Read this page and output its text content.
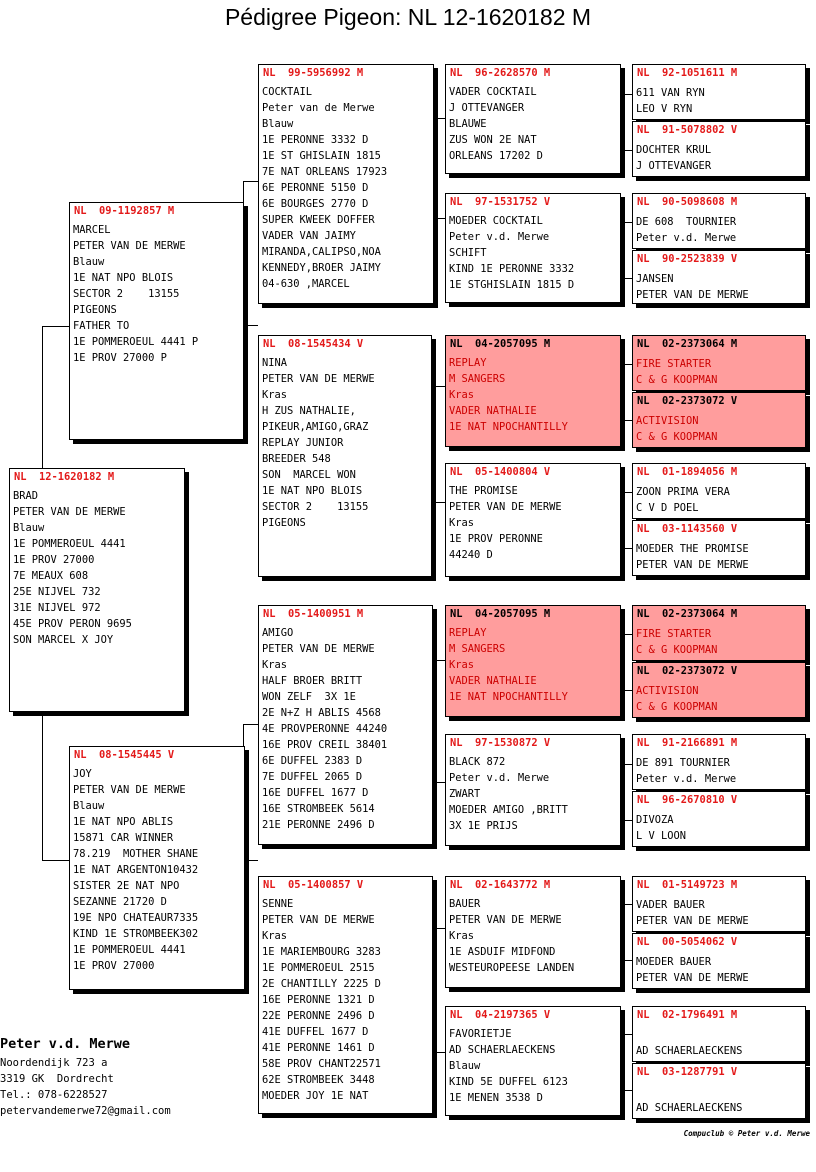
Pédigree Pigeon: NL 12-1620182 M
NL  12-1620182 M
BRAD
PETER VAN DE MERWE
Blauw
1E POMMEROEUL 4441
1E PROV 27000
7E MEAUX 608
25E NIJVEL 732
31E NIJVEL 972
45E PROV PERON 9695
SON MARCEL X JOY
NL  09-1192857 M
MARCEL
PETER VAN DE MERWE
Blauw
1E NAT NPO BLOIS
SECTOR 2    13155
PIGEONS
FATHER TO
1E POMMEROEUL 4441 P
1E PROV 27000 P
NL  08-1545445 V
JOY
PETER VAN DE MERWE
Blauw
1E NAT NPO ABLIS
15871 CAR WINNER
78.219  MOTHER SHANE
1E NAT ARGENTON10432
SISTER 2E NAT NPO
SEZANNE 21720 D
19E NPO CHATEAUR7335
KIND 1E STROMBEEK302
1E POMMEROEUL 4441
1E PROV 27000
NL  99-5956992 M
COCKTAIL
Peter van de Merwe
Blauw
1E PERONNE 3332 D
1E ST GHISLAIN 1815
7E NAT ORLEANS 17923
6E PERONNE 5150 D
6E BOURGES 2770 D
SUPER KWEEK DOFFER
VADER VAN JAIMY
MIRANDA,CALIPSO,NOA
KENNEDY,BROER JAIMY
04-630 ,MARCEL
NL  08-1545434 V
NINA
PETER VAN DE MERWE
Kras
H ZUS NATHALIE,
PIKEUR,AMIGO,GRAZ
REPLAY JUNIOR
BREEDER 548
SON  MARCEL WON
1E NAT NPO BLOIS
SECTOR 2    13155
PIGEONS
NL  05-1400951 M
AMIGO
PETER VAN DE MERWE
Kras
HALF BROER BRITT
WON ZELF  3X 1E
2E N+Z H ABLIS 4568
4E PROVPERONNE 44240
16E PROV CREIL 38401
6E DUFFEL 2383 D
7E DUFFEL 2065 D
16E DUFFEL 1677 D
16E STROMBEEK 5614
21E PERONNE 2496 D
NL  05-1400857 V
SENNE
PETER VAN DE MERWE
Kras
1E MARIEMBOURG 3283
1E POMMEROEUL 2515
2E CHANTILLY 2225 D
16E PERONNE 1321 D
22E PERONNE 2496 D
41E DUFFEL 1677 D
41E PERONNE 1461 D
58E PROV CHANT22571
62E STROMBEEK 3448
MOEDER JOY 1E NAT
NL  96-2628570 M
VADER COCKTAIL
J OTTEVANGER
BLAUWE
ZUS WON 2E NAT
ORLEANS 17202 D
NL  97-1531752 V
MOEDER COCKTAIL
Peter v.d. Merwe
SCHIFT
KIND 1E PERONNE 3332
1E STGHISLAIN 1815 D
NL  04-2057095 M
REPLAY
M SANGERS
Kras
VADER NATHALIE
1E NAT NPOCHANTILLY
NL  05-1400804 V
THE PROMISE
PETER VAN DE MERWE
Kras
1E PROV PERONNE
44240 D
NL  04-2057095 M
REPLAY
M SANGERS
Kras
VADER NATHALIE
1E NAT NPOCHANTILLY
NL  97-1530872 V
BLACK 872
Peter v.d. Merwe
ZWART
MOEDER AMIGO ,BRITT
3X 1E PRIJS
NL  02-1643772 M
BAUER
PETER VAN DE MERWE
Kras
1E ASDUIF MIDFOND
WESTEUROPEESE LANDEN
NL  04-2197365 V
FAVORIETJE
AD SCHAERLAECKENS
Blauw
KIND 5E DUFFEL 6123
1E MENEN 3538 D
NL  92-1051611 M
611 VAN RYN
LEO V RYN
NL  91-5078802 V
DOCHTER KRUL
J OTTEVANGER
NL  90-5098608 M
DE 608  TOURNIER
Peter v.d. Merwe
NL  90-2523839 V
JANSEN
PETER VAN DE MERWE
NL  02-2373064 M
FIRE STARTER
C & G KOOPMAN
NL  02-2373072 V
ACTIVISION
C & G KOOPMAN
NL  01-1894056 M
ZOON PRIMA VERA
C V D POEL
NL  03-1143560 V
MOEDER THE PROMISE
PETER VAN DE MERWE
NL  02-2373064 M
FIRE STARTER
C & G KOOPMAN
NL  02-2373072 V
ACTIVISION
C & G KOOPMAN
NL  91-2166891 M
DE 891 TOURNIER
Peter v.d. Merwe
NL  96-2670810 V
DIVOZA
L V LOON
NL  01-5149723 M
VADER BAUER
PETER VAN DE MERWE
NL  00-5054062 V
MOEDER BAUER
PETER VAN DE MERWE
NL  02-1796491 M
AD SCHAERLAECKENS
NL  03-1287791 V
AD SCHAERLAECKENS
Peter v.d. Merwe
Noordendijk 723 a
3319 GK  Dordrecht
Tel.: 078-6228527
petervandemerwe72@gmail.com
Compuclub © Peter v.d. Merwe
